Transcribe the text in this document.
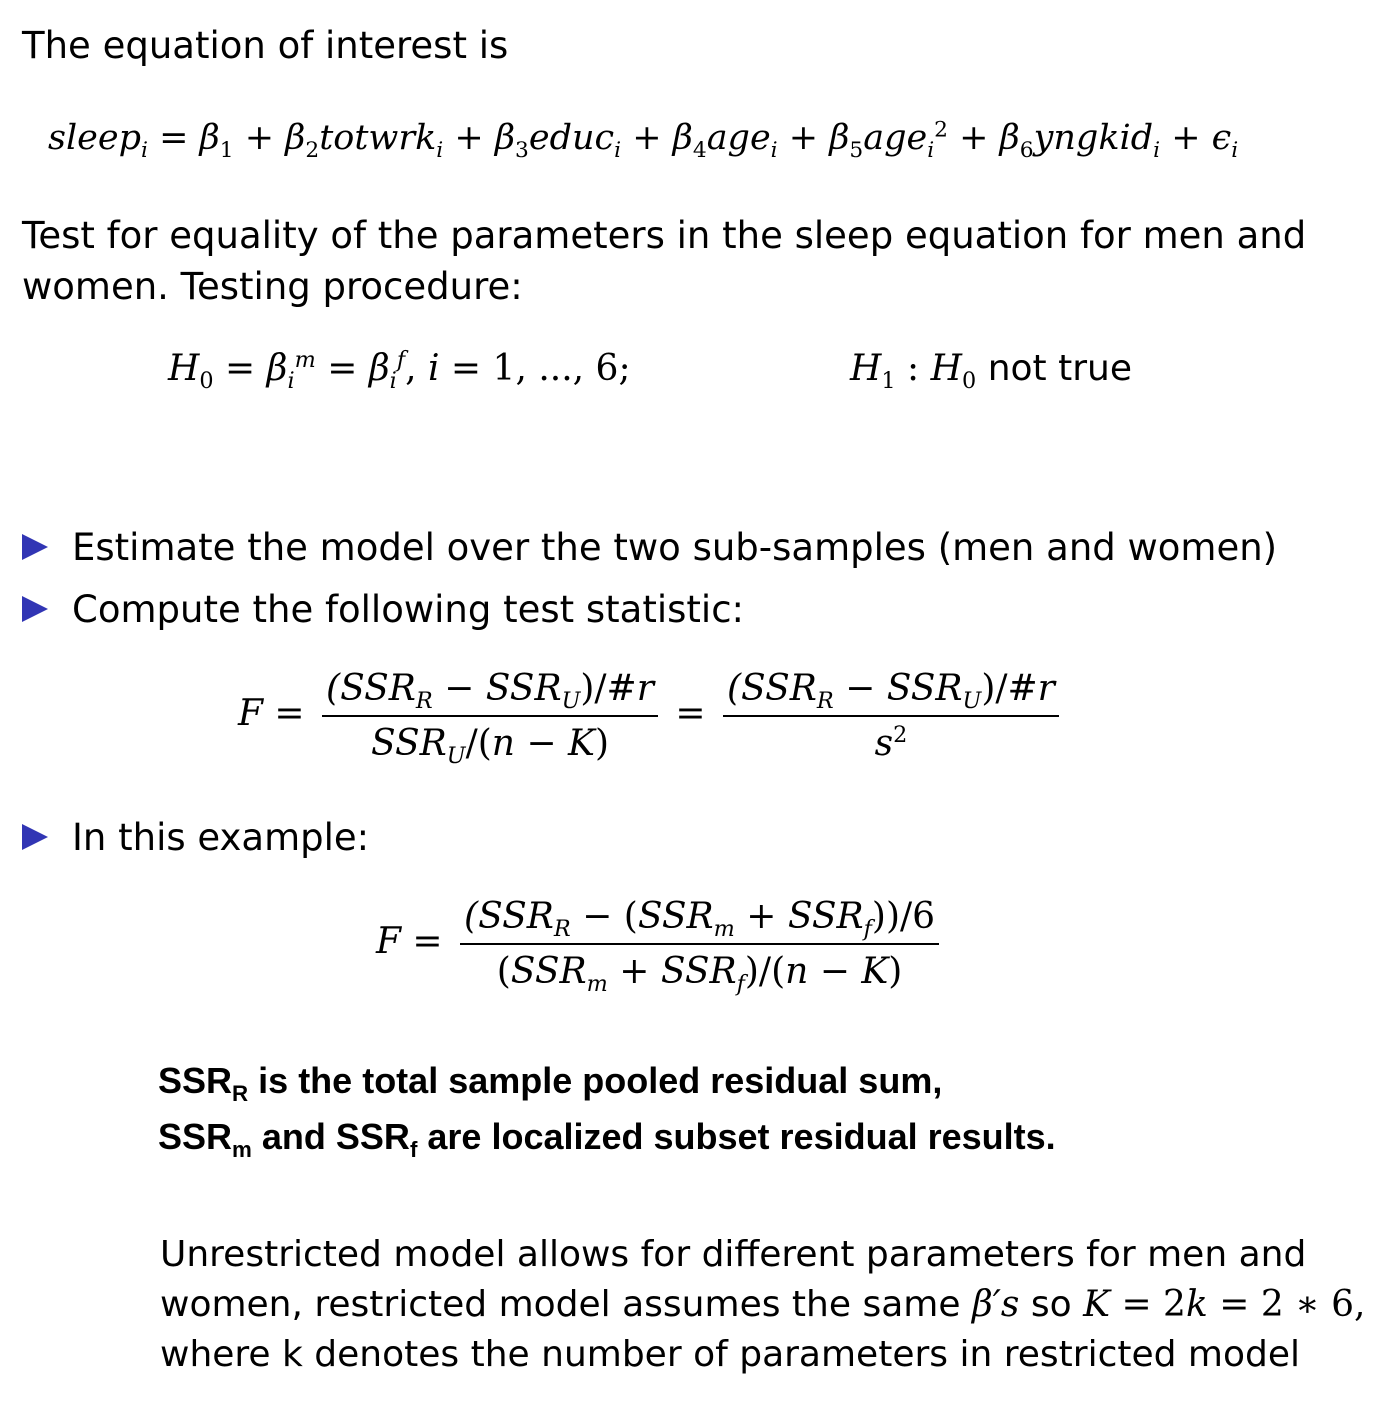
The equation of interest is
sleep$_i$ = $\beta_1$ + $\beta_2totwrk_i$ + $\beta_3educ_i + \beta_4age_i + \beta_5age_i^2$ + $\beta_6yngkid_i + \epsilon_i$
Test for equality of the parameters in the sleep equation for men and
women. Testing procedure:
$H_0 = \beta_i^m = \beta_i^f$, i = 1, ..., 6;	$H_1$ : $H_0$ not true
Estimate the model over the two sub-samples (men and women)
Compute the following test statistic:
$F = \frac{(SSR_R - SSR_U)/\#r}{SSR_U/(n - K)} = \frac{(SSR_R - SSR_U)/\#r}{s^2}$
In this example:
$F = \frac{(SSR_R - (SSR_m + SSR_f))/6}{(SSR_m + SSR_f)/(n - K)}$
$SSR_R$ is the total sample pooled residual sum,
$SSR_m$ and $SSR_f$ are localized subset residual results.
Unrestricted model allows for different parameters for men and
women, restricted model assumes the same β′s so K = 2k = 2 ∗ 6,
where k denotes the number of parameters in restricted model
